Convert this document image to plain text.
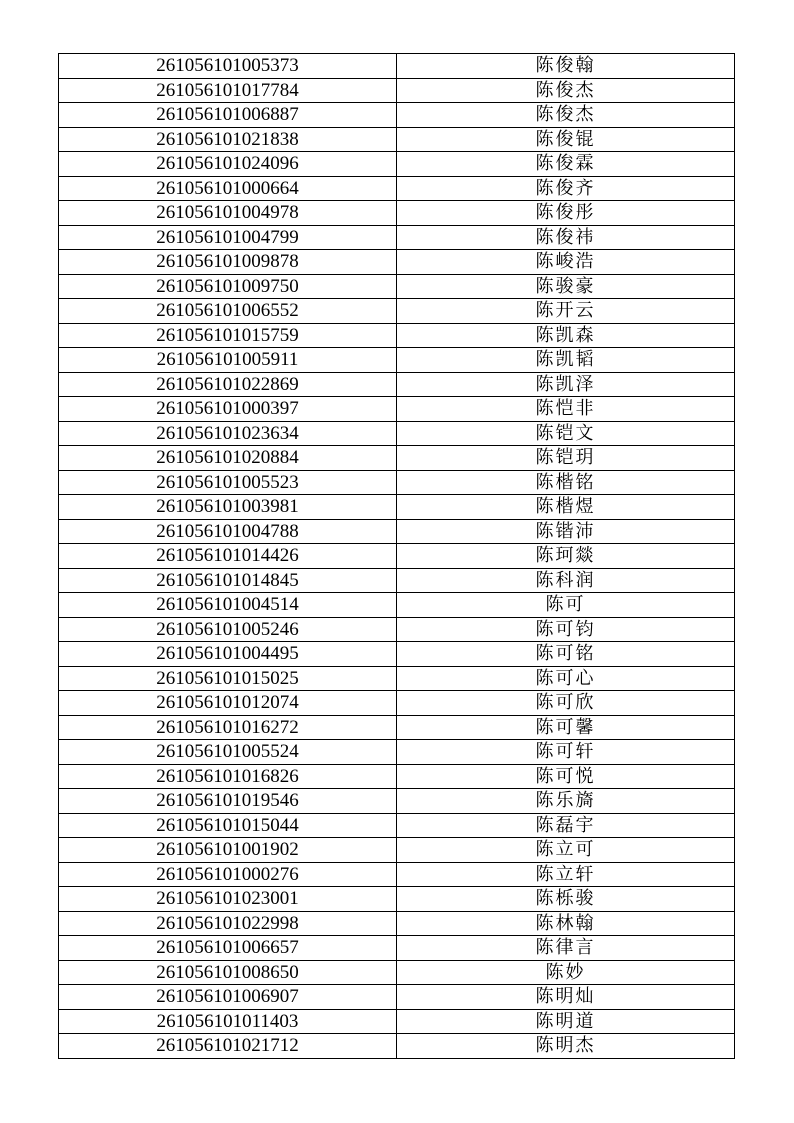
261056101005373	陈俊翰
261056101017784	陈俊杰
261056101006887	陈俊杰
261056101021838	陈俊锟
261056101024096	陈俊霖
261056101000664	陈俊齐
261056101004978	陈俊彤
261056101004799	陈俊祎
261056101009878	陈峻浩
261056101009750	陈骏豪
261056101006552	陈开云
261056101015759	陈凯森
261056101005911	陈凯韬
261056101022869	陈凯泽
261056101000397	陈恺非
261056101023634	陈铠文
261056101020884	陈铠玥
261056101005523	陈楷铭
261056101003981	陈楷煜
261056101004788	陈锴沛
261056101014426	陈珂燚
261056101014845	陈科润
261056101004514	陈可
261056101005246	陈可钧
261056101004495	陈可铭
261056101015025	陈可心
261056101012074	陈可欣
261056101016272	陈可馨
261056101005524	陈可轩
261056101016826	陈可悦
261056101019546	陈乐旖
261056101015044	陈磊宇
261056101001902	陈立可
261056101000276	陈立轩
261056101023001	陈栎骏
261056101022998	陈林翰
261056101006657	陈律言
261056101008650	陈妙
261056101006907	陈明灿
261056101011403	陈明道
261056101021712	陈明杰
